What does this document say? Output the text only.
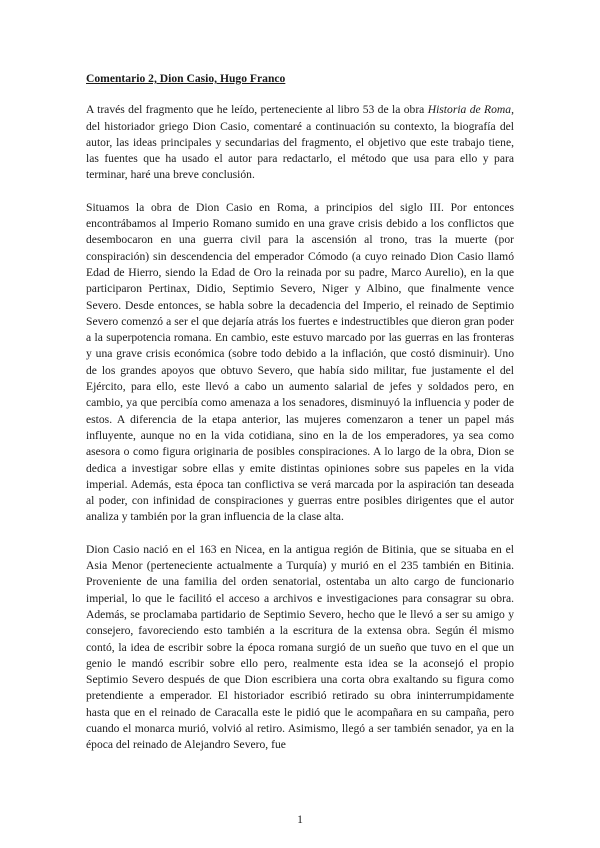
Comentario 2, Dion Casio, Hugo Franco

A través del fragmento que he leído, perteneciente al libro 53 de la obra Historia de Roma, del historiador griego Dion Casio, comentaré a continuación su contexto, la biografía del autor, las ideas principales y secundarias del fragmento, el objetivo que este trabajo tiene, las fuentes que ha usado el autor para redactarlo, el método que usa para ello y para terminar, haré una breve conclusión.

Situamos la obra de Dion Casio en Roma, a principios del siglo III. Por entonces encontrábamos al Imperio Romano sumido en una grave crisis debido a los conflictos que desembocaron en una guerra civil para la ascensión al trono, tras la muerte (por conspiración) sin descendencia del emperador Cómodo (a cuyo reinado Dion Casio llamó Edad de Hierro, siendo la Edad de Oro la reinada por su padre, Marco Aurelio), en la que participaron Pertinax, Didio, Septimio Severo, Niger y Albino, que finalmente vence Severo. Desde entonces, se habla sobre la decadencia del Imperio, el reinado de Septimio Severo comenzó a ser el que dejaría atrás los fuertes e indestructibles que dieron gran poder a la superpotencia romana. En cambio, este estuvo marcado por las guerras en las fronteras y una grave crisis económica (sobre todo debido a la inflación, que costó disminuir). Uno de los grandes apoyos que obtuvo Severo, que había sido militar, fue justamente el del Ejército, para ello, este llevó a cabo un aumento salarial de jefes y soldados pero, en cambio, ya que percibía como amenaza a los senadores, disminuyó la influencia y poder de estos. A diferencia de la etapa anterior, las mujeres comenzaron a tener un papel más influyente, aunque no en la vida cotidiana, sino en la de los emperadores, ya sea como asesora o como figura originaria de posibles conspiraciones. A lo largo de la obra, Dion se dedica a investigar sobre ellas y emite distintas opiniones sobre sus papeles en la vida imperial. Además, esta época tan conflictiva se verá marcada por la aspiración tan deseada al poder, con infinidad de conspiraciones y guerras entre posibles dirigentes que el autor analiza y también por la gran influencia de la clase alta.

Dion Casio nació en el 163 en Nicea, en la antigua región de Bitinia, que se situaba en el Asia Menor (perteneciente actualmente a Turquía) y murió en el 235 también en Bitinia. Proveniente de una familia del orden senatorial, ostentaba un alto cargo de funcionario imperial, lo que le facilitó el acceso a archivos e investigaciones para consagrar su obra. Además, se proclamaba partidario de Septimio Severo, hecho que le llevó a ser su amigo y consejero, favoreciendo esto también a la escritura de la extensa obra. Según él mismo contó, la idea de escribir sobre la época romana surgió de un sueño que tuvo en el que un genio le mandó escribir sobre ello pero, realmente esta idea se la aconsejó el propio Septimio Severo después de que Dion escribiera una corta obra exaltando su figura como pretendiente a emperador. El historiador escribió retirado su obra ininterrumpidamente hasta que en el reinado de Caracalla este le pidió que le acompañara en su campaña, pero cuando el monarca murió, volvió al retiro. Asimismo, llegó a ser también senador, ya en la época del reinado de Alejandro Severo, fue

1
